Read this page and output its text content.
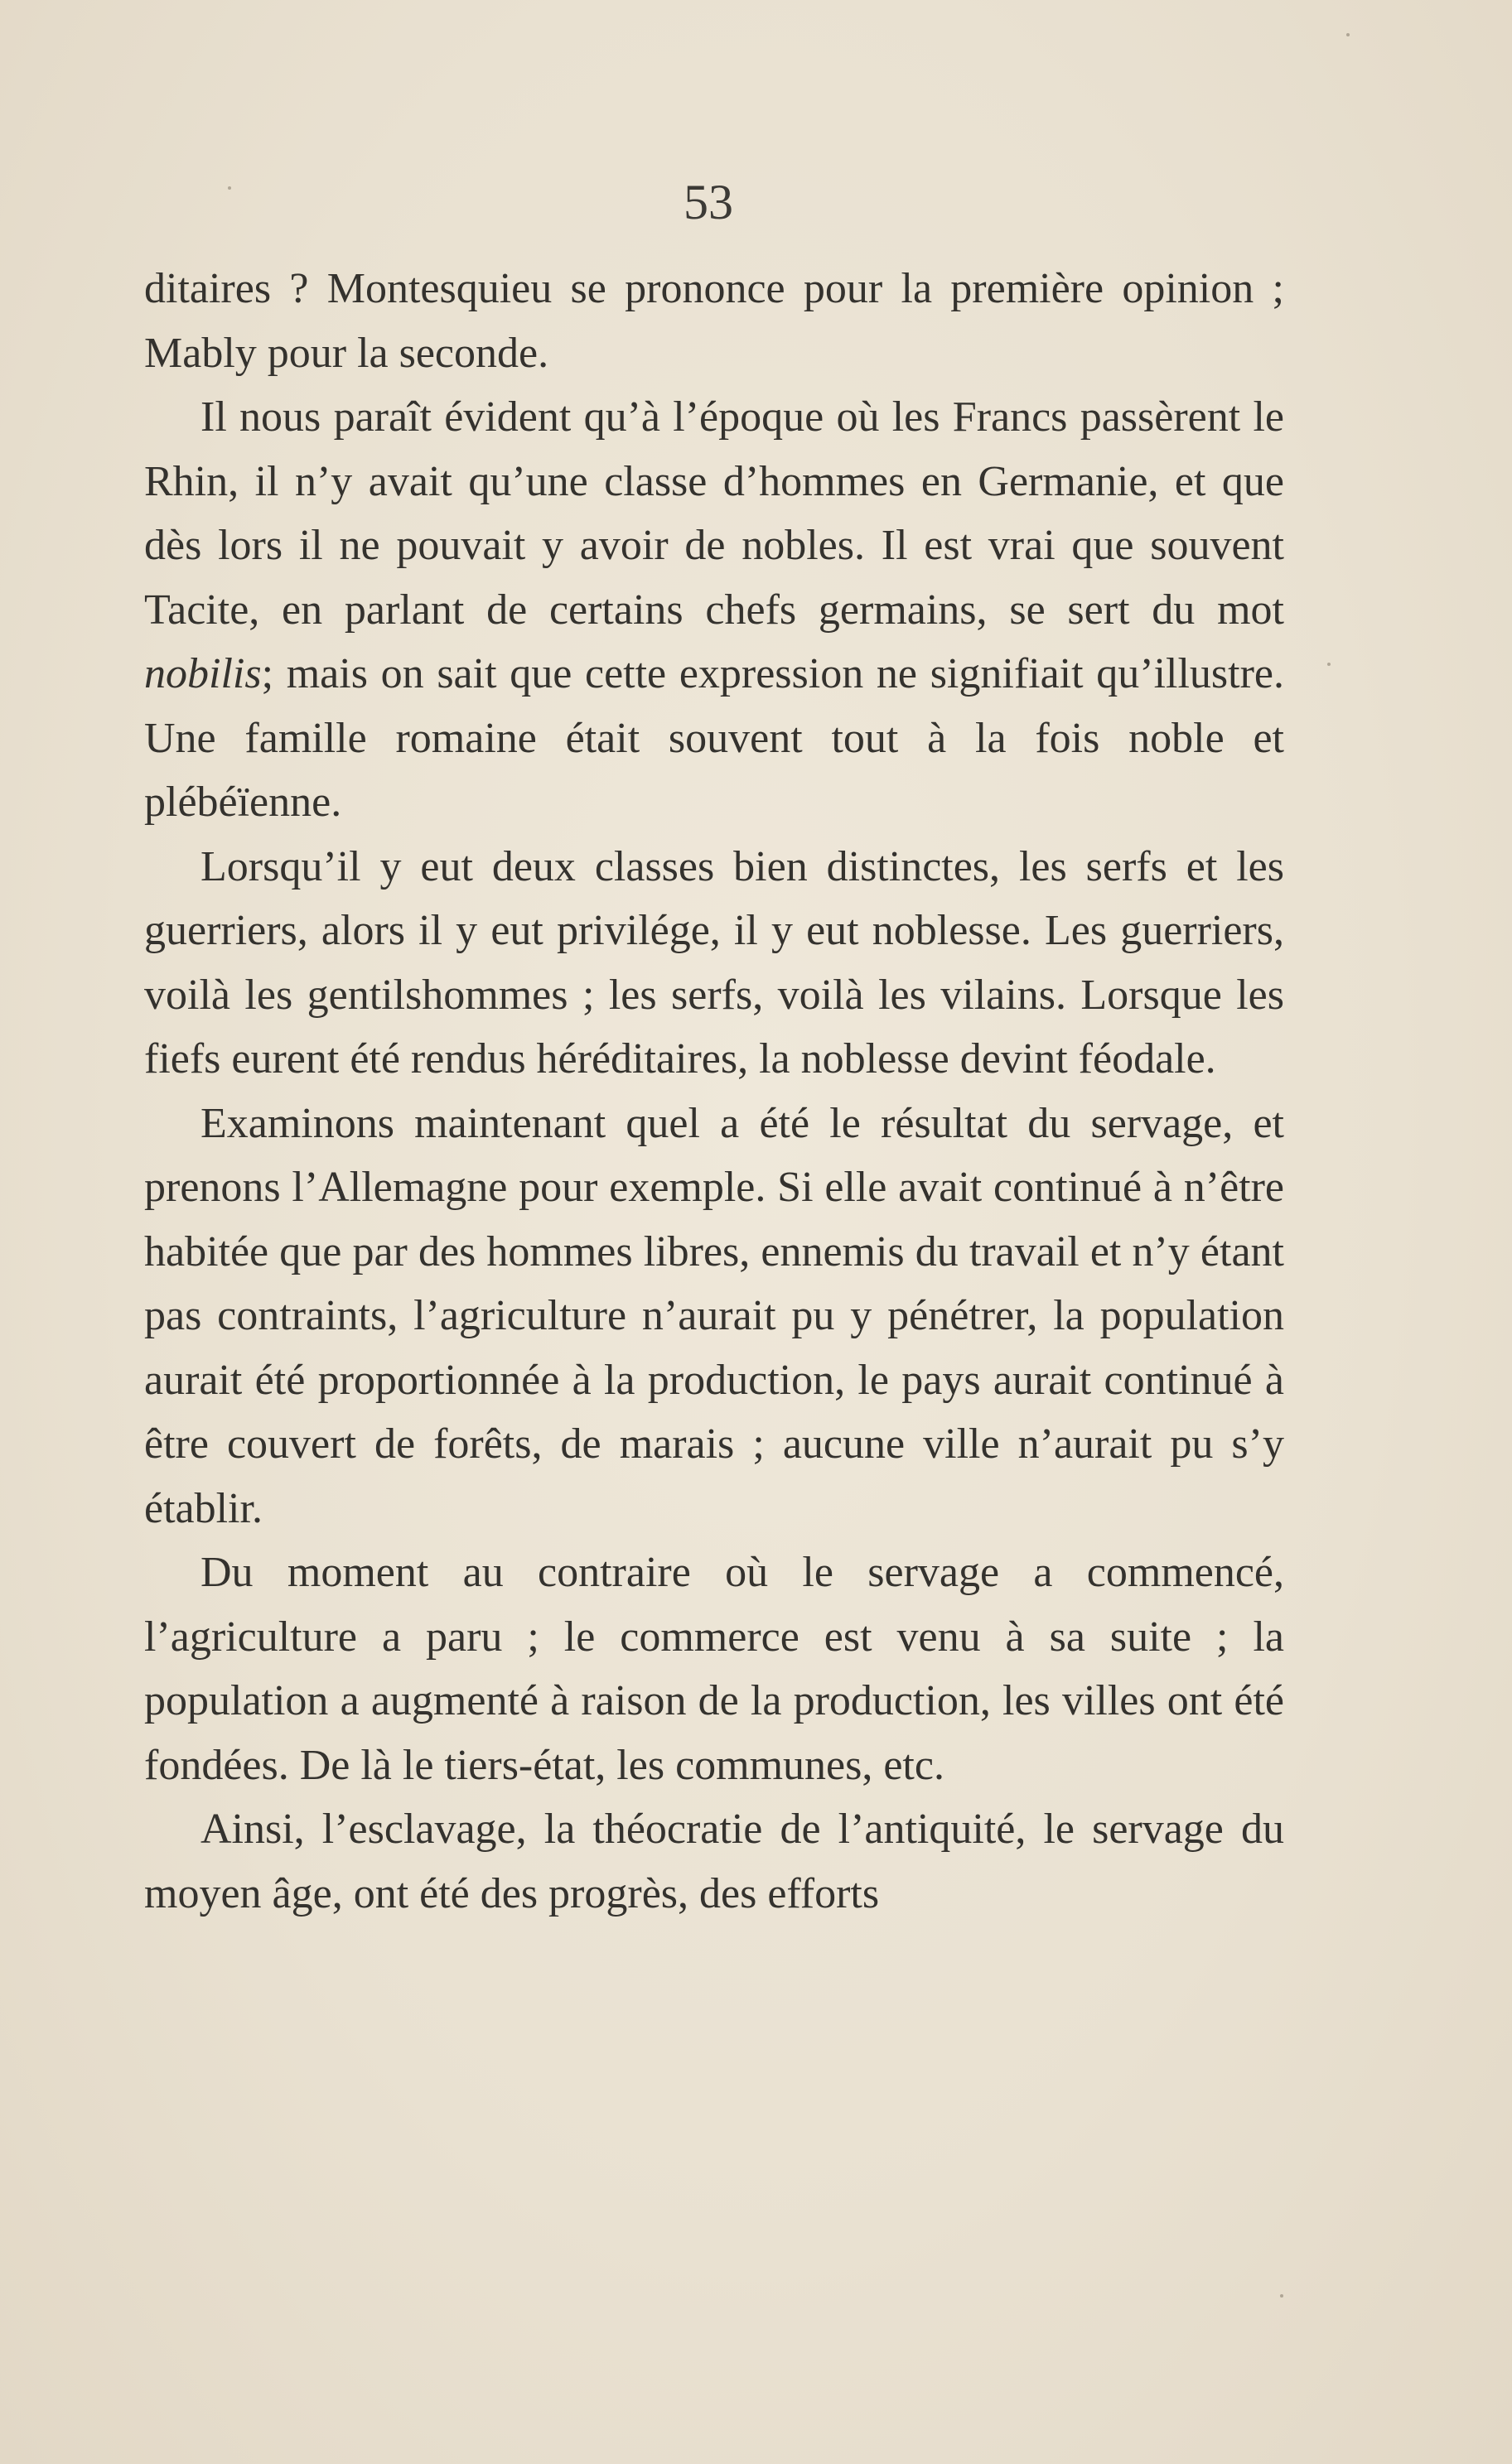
53

ditaires ? Montesquieu se prononce pour la première opinion ; Mably pour la seconde.

Il nous paraît évident qu’à l’époque où les Francs passèrent le Rhin, il n’y avait qu’une classe d’hommes en Germanie, et que dès lors il ne pouvait y avoir de nobles. Il est vrai que souvent Tacite, en parlant de certains chefs germains, se sert du mot nobilis; mais on sait que cette expression ne signifiait qu’illustre. Une famille romaine était souvent tout à la fois noble et plébéïenne.

Lorsqu’il y eut deux classes bien distinctes, les serfs et les guerriers, alors il y eut privilége, il y eut noblesse. Les guerriers, voilà les gentilshommes ; les serfs, voilà les vilains. Lorsque les fiefs eurent été rendus héréditaires, la noblesse devint féodale.

Examinons maintenant quel a été le résultat du servage, et prenons l’Allemagne pour exemple. Si elle avait continué à n’être habitée que par des hommes libres, ennemis du travail et n’y étant pas contraints, l’agriculture n’aurait pu y pénétrer, la population aurait été proportionnée à la production, le pays aurait continué à être couvert de forêts, de marais ; aucune ville n’aurait pu s’y établir.

Du moment au contraire où le servage a commencé, l’agriculture a paru ; le commerce est venu à sa suite ; la population a augmenté à raison de la production, les villes ont été fondées. De là le tiers-état, les communes, etc.

Ainsi, l’esclavage, la théocratie de l’antiquité, le servage du moyen âge, ont été des progrès, des efforts
